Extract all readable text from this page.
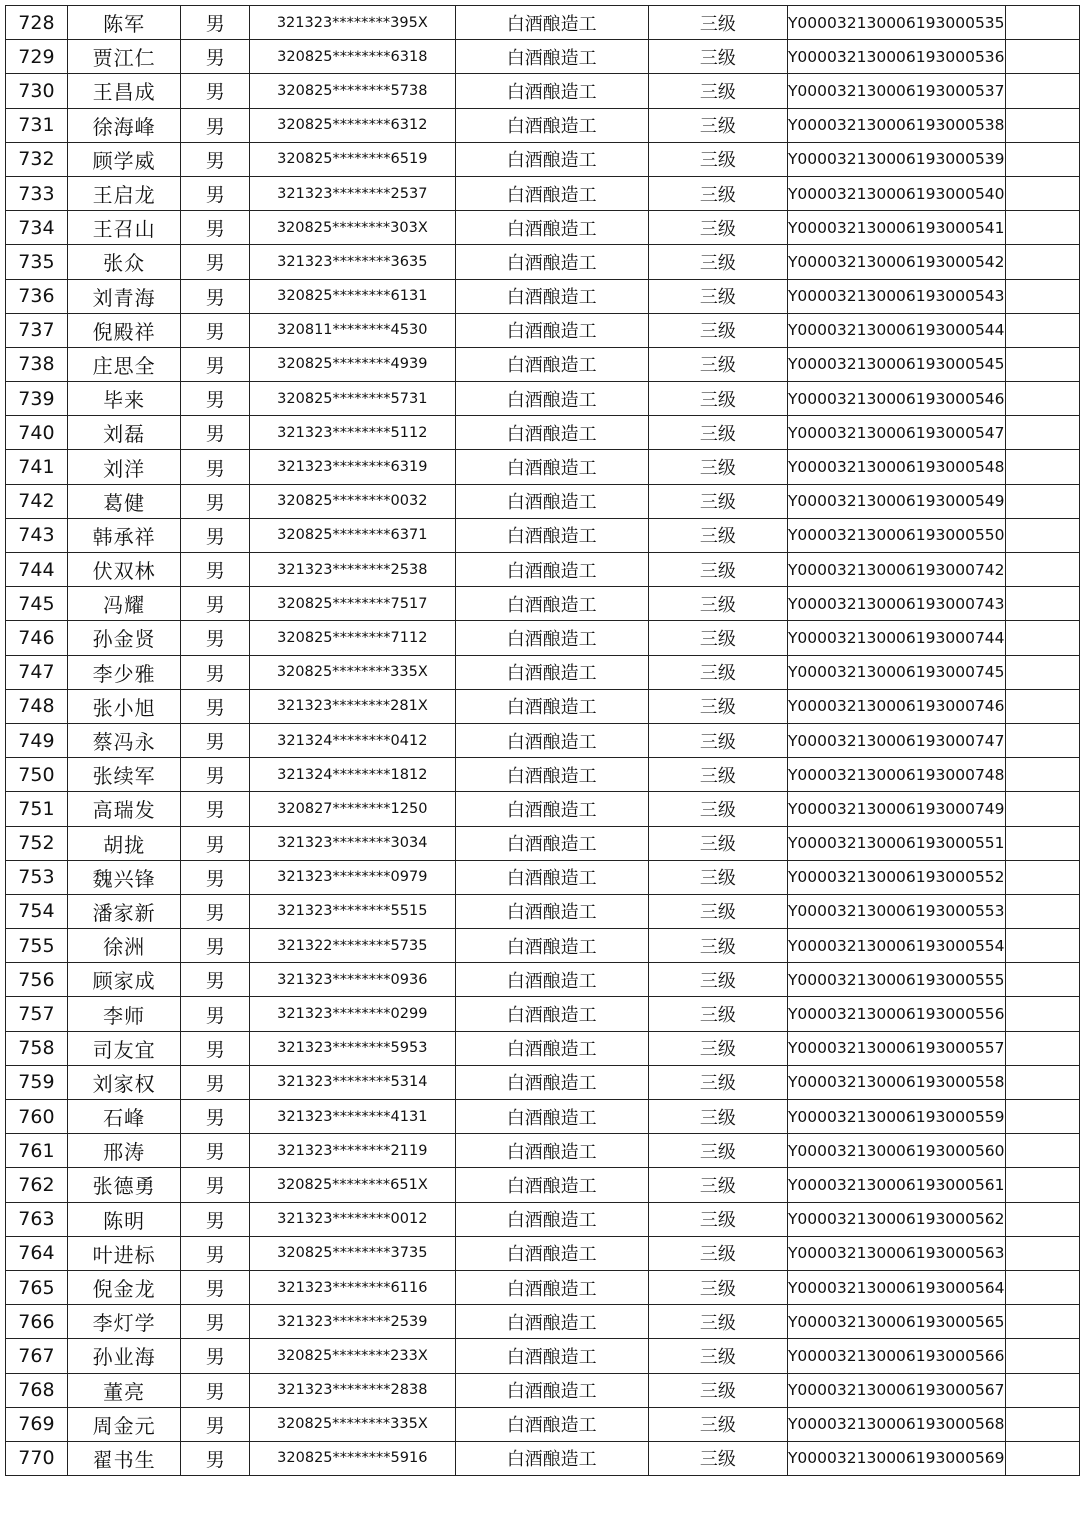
728	陈军	男	321323********395X	白酒酿造工	三级	Y000032130006193000535	
729	贾江仁	男	320825********6318	白酒酿造工	三级	Y000032130006193000536	
730	王昌成	男	320825********5738	白酒酿造工	三级	Y000032130006193000537	
731	徐海峰	男	320825********6312	白酒酿造工	三级	Y000032130006193000538	
732	顾学威	男	320825********6519	白酒酿造工	三级	Y000032130006193000539	
733	王启龙	男	321323********2537	白酒酿造工	三级	Y000032130006193000540	
734	王召山	男	320825********303X	白酒酿造工	三级	Y000032130006193000541	
735	张众	男	321323********3635	白酒酿造工	三级	Y000032130006193000542	
736	刘青海	男	320825********6131	白酒酿造工	三级	Y000032130006193000543	
737	倪殿祥	男	320811********4530	白酒酿造工	三级	Y000032130006193000544	
738	庄思全	男	320825********4939	白酒酿造工	三级	Y000032130006193000545	
739	毕来	男	320825********5731	白酒酿造工	三级	Y000032130006193000546	
740	刘磊	男	321323********5112	白酒酿造工	三级	Y000032130006193000547	
741	刘洋	男	321323********6319	白酒酿造工	三级	Y000032130006193000548	
742	葛健	男	320825********0032	白酒酿造工	三级	Y000032130006193000549	
743	韩承祥	男	320825********6371	白酒酿造工	三级	Y000032130006193000550	
744	伏双林	男	321323********2538	白酒酿造工	三级	Y000032130006193000742	
745	冯耀	男	320825********7517	白酒酿造工	三级	Y000032130006193000743	
746	孙金贤	男	320825********7112	白酒酿造工	三级	Y000032130006193000744	
747	李少雅	男	320825********335X	白酒酿造工	三级	Y000032130006193000745	
748	张小旭	男	321323********281X	白酒酿造工	三级	Y000032130006193000746	
749	蔡冯永	男	321324********0412	白酒酿造工	三级	Y000032130006193000747	
750	张续军	男	321324********1812	白酒酿造工	三级	Y000032130006193000748	
751	高瑞发	男	320827********1250	白酒酿造工	三级	Y000032130006193000749	
752	胡拢	男	321323********3034	白酒酿造工	三级	Y000032130006193000551	
753	魏兴锋	男	321323********0979	白酒酿造工	三级	Y000032130006193000552	
754	潘家新	男	321323********5515	白酒酿造工	三级	Y000032130006193000553	
755	徐洲	男	321322********5735	白酒酿造工	三级	Y000032130006193000554	
756	顾家成	男	321323********0936	白酒酿造工	三级	Y000032130006193000555	
757	李师	男	321323********0299	白酒酿造工	三级	Y000032130006193000556	
758	司友宜	男	321323********5953	白酒酿造工	三级	Y000032130006193000557	
759	刘家权	男	321323********5314	白酒酿造工	三级	Y000032130006193000558	
760	石峰	男	321323********4131	白酒酿造工	三级	Y000032130006193000559	
761	邢涛	男	321323********2119	白酒酿造工	三级	Y000032130006193000560	
762	张德勇	男	320825********651X	白酒酿造工	三级	Y000032130006193000561	
763	陈明	男	321323********0012	白酒酿造工	三级	Y000032130006193000562	
764	叶进标	男	320825********3735	白酒酿造工	三级	Y000032130006193000563	
765	倪金龙	男	321323********6116	白酒酿造工	三级	Y000032130006193000564	
766	李灯学	男	321323********2539	白酒酿造工	三级	Y000032130006193000565	
767	孙业海	男	320825********233X	白酒酿造工	三级	Y000032130006193000566	
768	董亮	男	321323********2838	白酒酿造工	三级	Y000032130006193000567	
769	周金元	男	320825********335X	白酒酿造工	三级	Y000032130006193000568	
770	翟书生	男	320825********5916	白酒酿造工	三级	Y000032130006193000569	
